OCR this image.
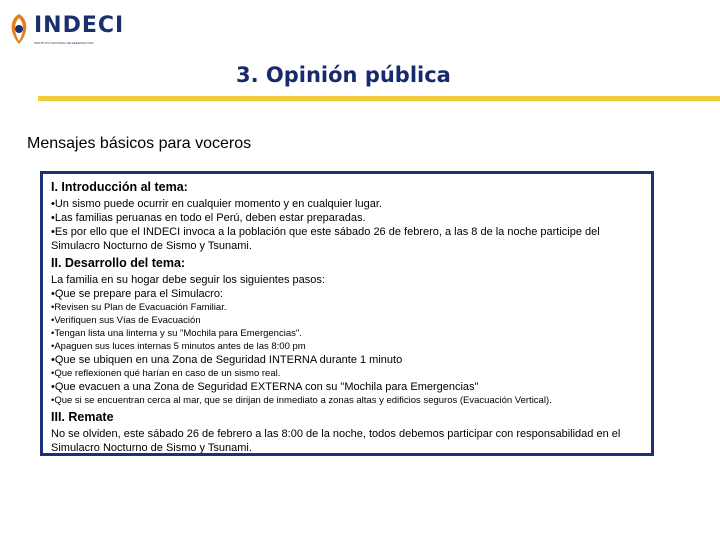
INDECI
INSTITUTO NACIONAL DE DEFENSA CIVIL
3. Opinión pública
Mensajes básicos para voceros

I. Introducción al tema:

•Un sismo puede ocurrir en cualquier momento y en cualquier lugar.

•Las familias peruanas en todo el Perú, deben estar preparadas.

•Es por ello que el INDECI invoca a la población que este sábado 26 de febrero, a las 8 de la noche participe del Simulacro Nocturno de Sismo y Tsunami.

II. Desarrollo del tema:

La familia en su hogar debe seguir los siguientes pasos:

•Que se prepare para el Simulacro:

•Revisen su Plan de Evacuación Familiar.

•Verifiquen sus Vías de Evacuación

•Tengan lista una linterna y su "Mochila para Emergencias".

•Apaguen sus luces internas 5 minutos antes de las 8:00 pm

•Que se ubiquen en una Zona de Seguridad INTERNA durante 1 minuto

•Que reflexionen qué harían en caso de un sismo real.

•Que evacuen a una Zona de Seguridad EXTERNA con su "Mochila para Emergencias"

•Que si se encuentran cerca al mar, que se dirijan de inmediato a zonas altas y edificios seguros (Evacuación Vertical).

III. Remate

No se olviden, este sábado 26 de febrero a las 8:00 de la noche, todos debemos participar con responsabilidad en el Simulacro Nocturno de Sismo y Tsunami.
